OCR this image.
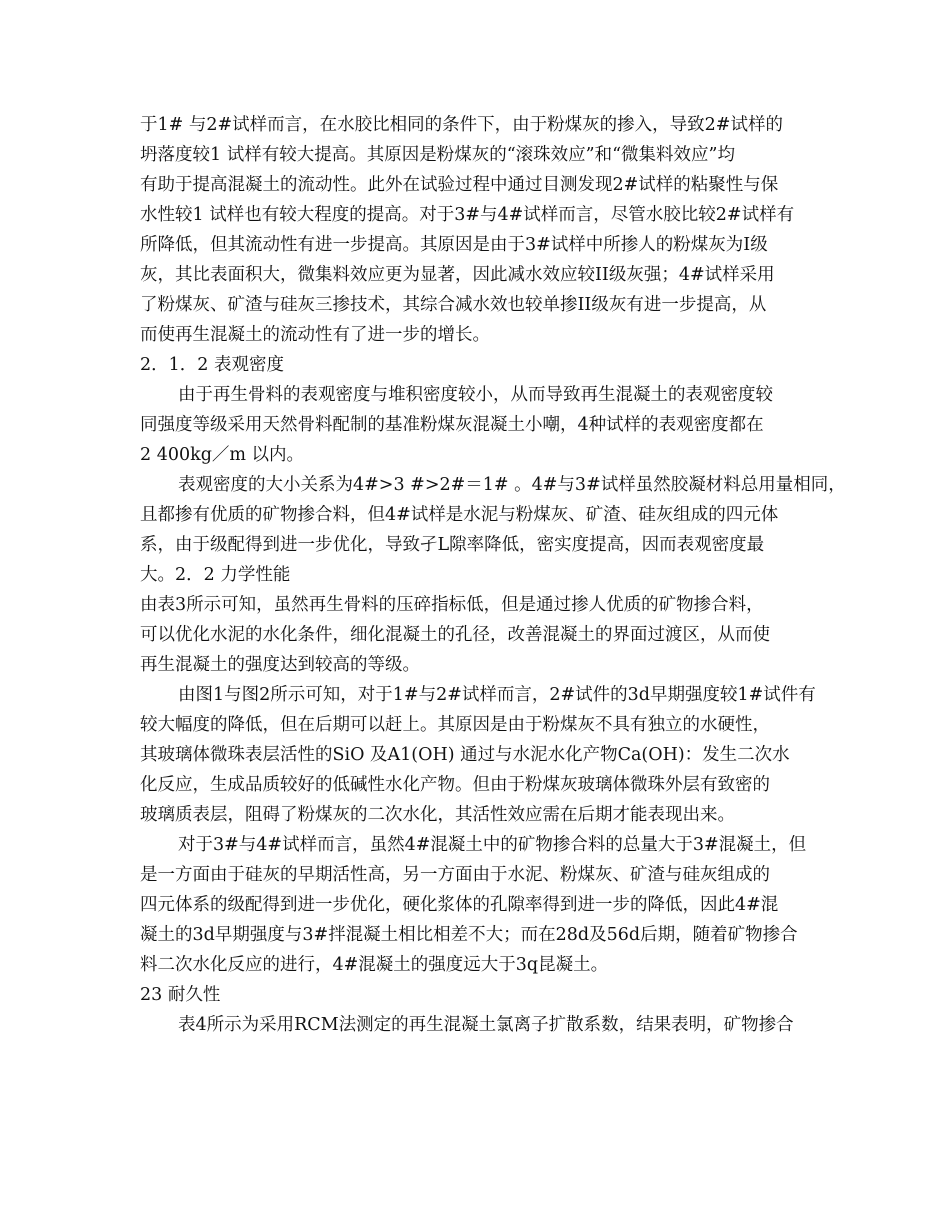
于1# 与2#试样而言，在水胶比相同的条件下，由于粉煤灰的掺入，导致2#试样的
坍落度较1 试样有较大提高。其原因是粉煤灰的“滚珠效应”和“微集料效应”均
有助于提高混凝土的流动性。此外在试验过程中通过目测发现2#试样的粘聚性与保
水性较1 试样也有较大程度的提高。对于3#与4#试样而言，尽管水胶比较2#试样有
所降低，但其流动性有进一步提高。其原因是由于3#试样中所掺人的粉煤灰为I级
灰，其比表面积大，微集料效应更为显著，因此减水效应较II级灰强；4#试样采用
了粉煤灰、矿渣与硅灰三掺技术，其综合减水效也较单掺II级灰有进一步提高，从
而使再生混凝土的流动性有了进一步的增长。
2．1．2 表观密度
由于再生骨料的表观密度与堆积密度较小，从而导致再生混凝土的表观密度较
同强度等级采用天然骨料配制的基准粉煤灰混凝土小嘲，4种试样的表观密度都在
2 400kg／m 以内。
表观密度的大小关系为4#>3 #>2#＝1# 。4#与3#试样虽然胶凝材料总用量相同，
且都掺有优质的矿物掺合料，但4#试样是水泥与粉煤灰、矿渣、硅灰组成的四元体
系，由于级配得到进一步优化，导致孑L隙率降低，密实度提高，因而表观密度最
大。2．2 力学性能
由表3所示可知，虽然再生骨料的压碎指标低，但是通过掺人优质的矿物掺合料，
可以优化水泥的水化条件，细化混凝土的孔径，改善混凝土的界面过渡区，从而使
再生混凝土的强度达到较高的等级。
由图1与图2所示可知，对于1#与2#试样而言，2#试件的3d早期强度较1#试件有
较大幅度的降低，但在后期可以赶上。其原因是由于粉煤灰不具有独立的水硬性，
其玻璃体微珠表层活性的SiO 及A1(OH) 通过与水泥水化产物Ca(OH)：发生二次水
化反应，生成品质较好的低碱性水化产物。但由于粉煤灰玻璃体微珠外层有致密的
玻璃质表层，阻碍了粉煤灰的二次水化，其活性效应需在后期才能表现出来。
对于3#与4#试样而言，虽然4#混凝土中的矿物掺合料的总量大于3#混凝土，但
是一方面由于硅灰的早期活性高，另一方面由于水泥、粉煤灰、矿渣与硅灰组成的
四元体系的级配得到进一步优化，硬化浆体的孔隙率得到进一步的降低，因此4#混
凝土的3d早期强度与3#拌混凝土相比相差不大；而在28d及56d后期，随着矿物掺合
料二次水化反应的进行，4#混凝土的强度远大于3q昆凝土。
23 耐久性
表4所示为采用RCM法测定的再生混凝土氯离子扩散系数，结果表明，矿物掺合
